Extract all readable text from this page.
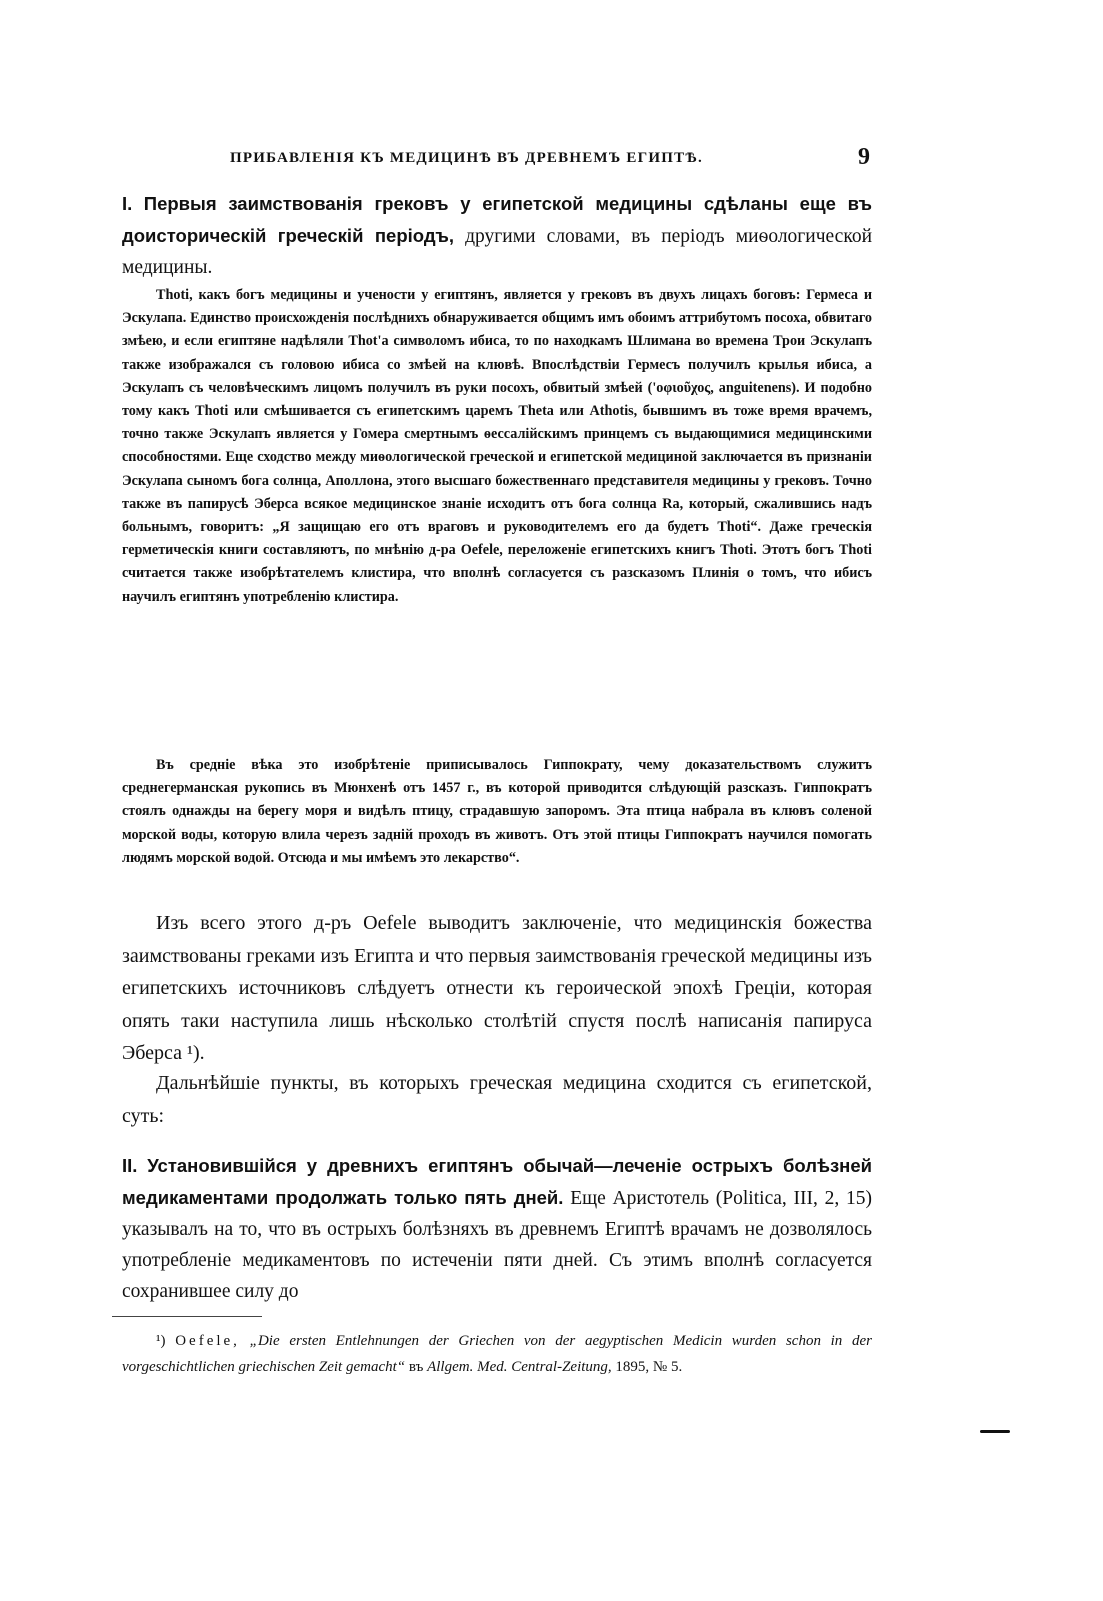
ПРИБАВЛЕНІЯ КЪ МЕДИЦИНѢ ВЪ ДРЕВНЕМЪ ЕГИПТѢ.	9

I. Первыя заимствованія грековъ у египетской медицины сдѣланы еще въ доисторическій греческій періодъ, другими словами, въ періодъ миѳологической медицины.

Thoti, какъ богъ медицины и учености у египтянъ, является у грековъ въ двухъ лицахъ боговъ: Гермеса и Эскулапа. Единство происхожденія послѣднихъ обнаруживается общимъ имъ обоимъ аттрибутомъ посоха, обвитаго змѣею, и если египтяне надѣляли Thot'а символомъ ибиса, то по находкамъ Шлимана во времена Трои Эскулапъ также изображался съ головою ибиса со змѣей на клювѣ. Впослѣдствіи Гермесъ получилъ крылья ибиса, а Эскулапъ съ человѣческимъ лицомъ получилъ въ руки посохъ, обвитый змѣей ('οφιοῦχος, anguitenens). И подобно тому какъ Thoti или смѣшивается съ египетскимъ царемъ Theta или Athotis, бывшимъ въ тоже время врачемъ, точно также Эскулапъ является у Гомера смертнымъ ѳессалійскимъ принцемъ съ выдающимися медицинскими способностями. Еще сходство между миѳологической греческой и египетской медициной заключается въ признаніи Эскулапа сыномъ бога солнца, Аполлона, этого высшаго божественнаго представителя медицины у грековъ. Точно также въ папирусѣ Эберса всякое медицинское знаніе исходитъ отъ бога солнца Ra, который, сжалившись надъ больнымъ, говоритъ: „Я защищаю его отъ враговъ и руководителемъ его да будетъ Thoti“. Даже греческія герметическія книги составляютъ, по мнѣнію д-ра Oefele, переложеніе египетскихъ книгъ Thoti. Этотъ богъ Thoti считается также изобрѣтателемъ клистира, что вполнѣ согласуется съ разсказомъ Плинія о томъ, что ибисъ научилъ египтянъ употребленію клистира.

Въ средніе вѣка это изобрѣтеніе приписывалось Гиппократу, чему доказательствомъ служитъ среднегерманская рукопись въ Мюнхенѣ отъ 1457 г., въ которой приводится слѣдующій разсказъ. Гиппократъ стоялъ однажды на берегу моря и видѣлъ птицу, страдавшую запоромъ. Эта птица набрала въ клювъ соленой морской воды, которую влила черезъ задній проходъ въ животъ. Отъ этой птицы Гиппократъ научился помогать людямъ морской водой. Отсюда и мы имѣемъ это лекарство“.

Изъ всего этого д-ръ Oefele выводитъ заключеніе, что медицинскія божества заимствованы греками изъ Египта и что первыя заимствованія греческой медицины изъ египетскихъ источниковъ слѣдуетъ отнести къ героической эпохѣ Греціи, которая опять таки наступила лишь нѣсколько столѣтій спустя послѣ написанія папируса Эберса ¹).

Дальнѣйшіе пункты, въ которыхъ греческая медицина сходится съ египетской, суть:

II. Установившійся у древнихъ египтянъ обычай—леченіе острыхъ болѣзней медикаментами продолжать только пять дней. Еще Аристотель (Politica, III, 2, 15) указывалъ на то, что въ острыхъ болѣзняхъ въ древнемъ Египтѣ врачамъ не дозволялось употребленіе медикаментовъ по истеченіи пяти дней. Съ этимъ вполнѣ согласуется сохранившее силу до

¹) Oefele, „Die ersten Entlehnungen der Griechen von der aegyptischen Medicin wurden schon in der vorgeschichtlichen griechischen Zeit gemacht“ въ Allgem. Med. Central-Zeitung, 1895, № 5.
